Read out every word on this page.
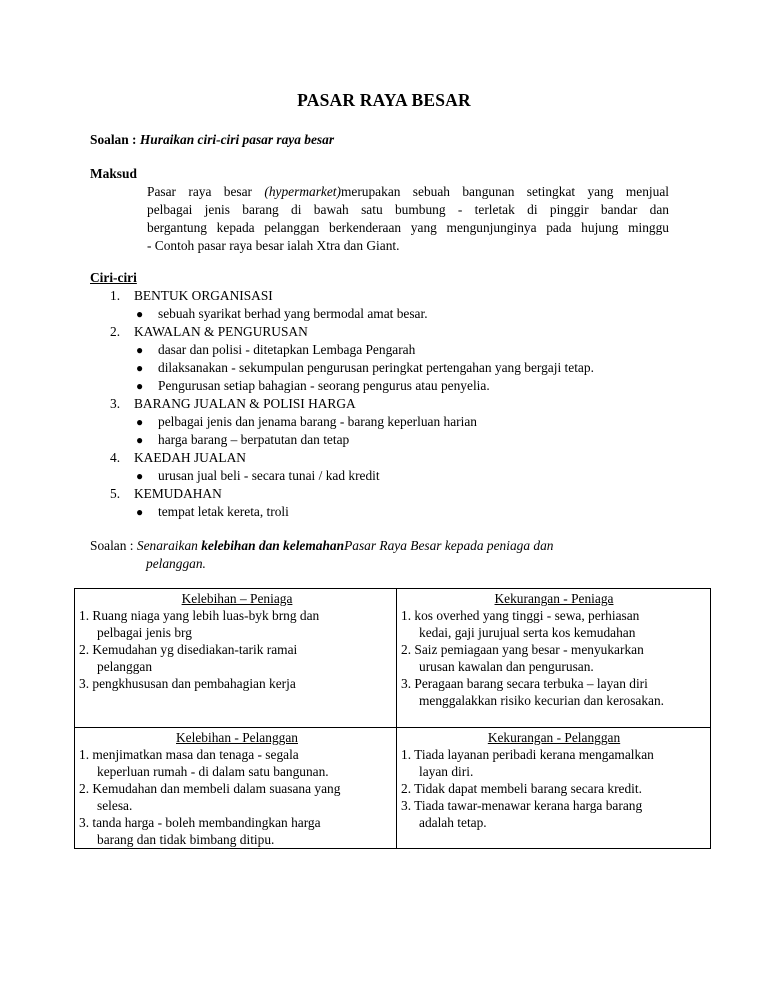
PASAR RAYA BESAR
Soalan : Huraikan ciri-ciri pasar raya besar
Maksud
Pasar raya besar (hypermarket)merupakan sebuah bangunan setingkat yang menjual
pelbagai jenis barang di bawah satu bumbung - terletak di pinggir bandar dan
bergantung kepada pelanggan berkenderaan yang mengunjunginya pada hujung minggu
- Contoh pasar raya besar ialah Xtra dan Giant.
Ciri-ciri
1. BENTUK ORGANISASI
● sebuah syarikat berhad yang bermodal amat besar.
2. KAWALAN & PENGURUSAN
● dasar dan polisi - ditetapkan Lembaga Pengarah
● dilaksanakan - sekumpulan pengurusan peringkat pertengahan yang bergaji tetap.
● Pengurusan setiap bahagian - seorang pengurus atau penyelia.
3. BARANG JUALAN & POLISI HARGA
● pelbagai jenis dan jenama barang - barang keperluan harian
● harga barang – berpatutan dan tetap
4. KAEDAH JUALAN
● urusan jual beli - secara tunai / kad kredit
5. KEMUDAHAN
● tempat letak kereta, troli
Soalan : Senaraikan kelebihan dan kelemahanPasar Raya Besar kepada peniaga dan
pelanggan.
Kelebihan – Peniaga
1. Ruang niaga yang lebih luas-byk brng dan
pelbagai jenis brg
2. Kemudahan yg disediakan-tarik ramai
pelanggan
3. pengkhususan dan pembahagian kerja
Kekurangan - Peniaga
1. kos overhed yang tinggi - sewa, perhiasan
kedai, gaji jurujual serta kos kemudahan
2. Saiz pemiagaan yang besar - menyukarkan
urusan kawalan dan pengurusan.
3. Peragaan barang secara terbuka – layan diri
menggalakkan risiko kecurian dan kerosakan.
Kelebihan - Pelanggan
1. menjimatkan masa dan tenaga - segala
keperluan rumah - di dalam satu bangunan.
2. Kemudahan dan membeli dalam suasana yang
selesa.
3. tanda harga - boleh membandingkan harga
barang dan tidak bimbang ditipu.
Kekurangan - Pelanggan
1. Tiada layanan peribadi kerana mengamalkan
layan diri.
2. Tidak dapat membeli barang secara kredit.
3. Tiada tawar-menawar kerana harga barang
adalah tetap.
